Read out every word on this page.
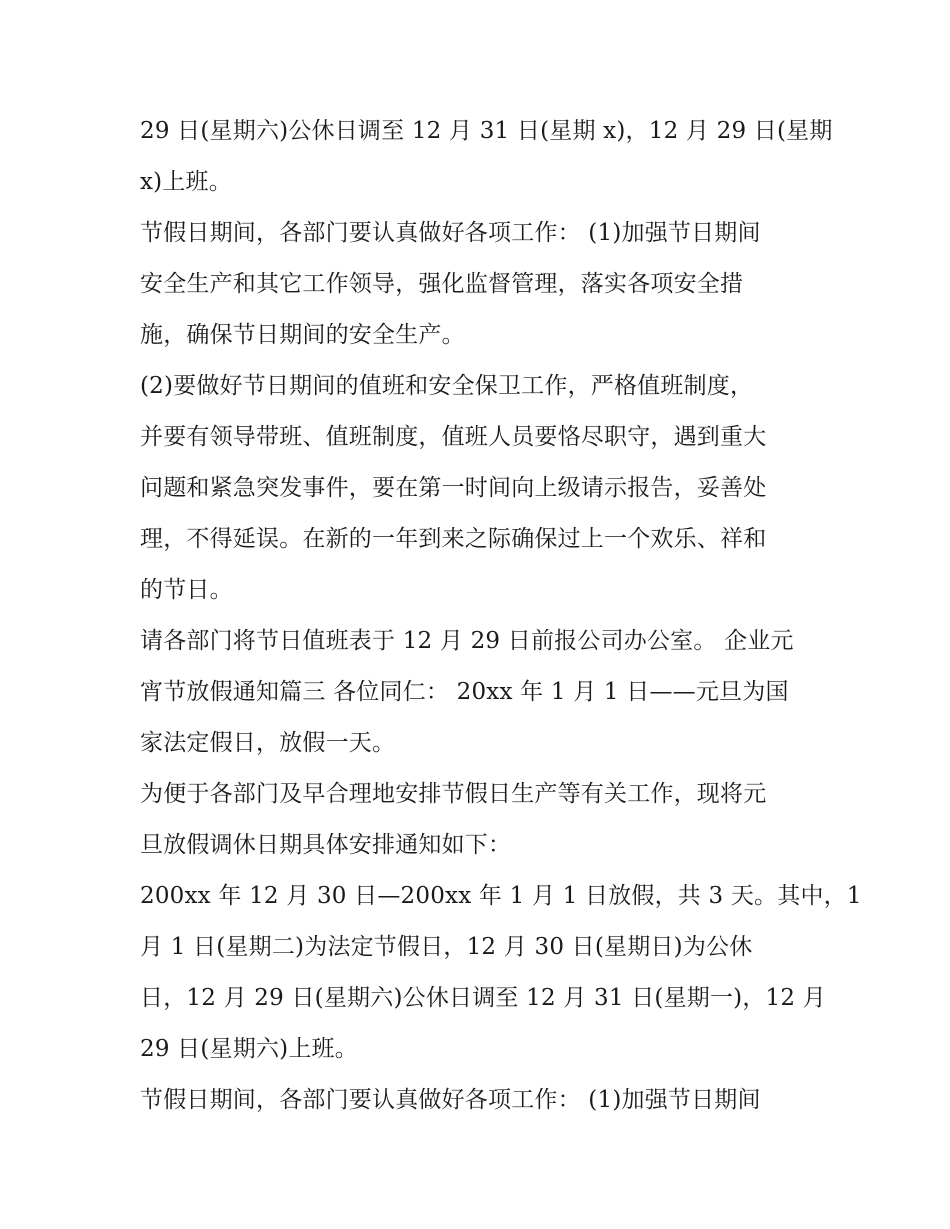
29 日(星期六)公休日调至 12 月 31 日(星期 x)，12 月 29 日(星期
x)上班。
节假日期间，各部门要认真做好各项工作： (1)加强节日期间
安全生产和其它工作领导，强化监督管理，落实各项安全措
施，确保节日期间的安全生产。
(2)要做好节日期间的值班和安全保卫工作，严格值班制度，
并要有领导带班、值班制度，值班人员要恪尽职守，遇到重大
问题和紧急突发事件，要在第一时间向上级请示报告，妥善处
理，不得延误。在新的一年到来之际确保过上一个欢乐、祥和
的节日。
请各部门将节日值班表于 12 月 29 日前报公司办公室。 企业元
宵节放假通知篇三 各位同仁： 20xx 年 1 月 1 日——元旦为国
家法定假日，放假一天。
为便于各部门及早合理地安排节假日生产等有关工作，现将元
旦放假调休日期具体安排通知如下：
200xx 年 12 月 30 日—200xx 年 1 月 1 日放假，共 3 天。其中，1
月 1 日(星期二)为法定节假日，12 月 30 日(星期日)为公休
日，12 月 29 日(星期六)公休日调至 12 月 31 日(星期一)，12 月
29 日(星期六)上班。
节假日期间，各部门要认真做好各项工作： (1)加强节日期间
